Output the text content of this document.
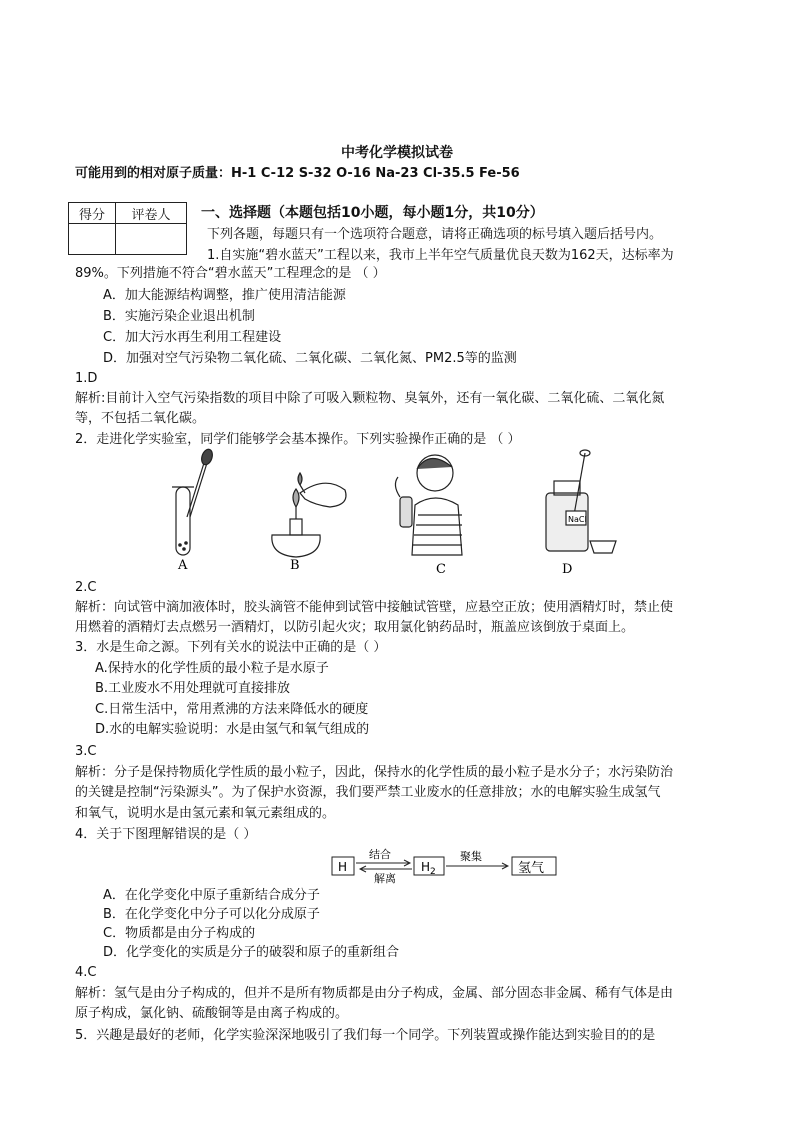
中考化学模拟试卷
可能用到的相对原子质量：H-1 C-12 S-32 O-16 Na-23 Cl-35.5 Fe-56
得分	评卷人
	一、选择题（本题包括10小题，每小题1分，共10分）
下列各题，每题只有一个选项符合题意，请将正确选项的标号填入题后括号内。
1.自实施“碧水蓝天”工程以来，我市上半年空气质量优良天数为162天，达标率为
89%。下列措施不符合“碧水蓝天”工程理念的是 （ ）
A．加大能源结构调整，推广使用清洁能源
B．实施污染企业退出机制
C．加大污水再生利用工程建设
D．加强对空气污染物二氧化硫、二氧化碳、二氧化氮、PM2.5等的监测
1.D
解析:目前计入空气污染指数的项目中除了可吸入颗粒物、臭氧外，还有一氧化碳、二氧化硫、二氧化氮
等，不包括二氧化碳。
2．走进化学实验室，同学们能够学会基本操作。下列实验操作正确的是 （ ）
A	B	C	D
NaCl
2.C
解析：向试管中滴加液体时，胶头滴管不能伸到试管中接触试管壁，应悬空正放；使用酒精灯时，禁止使
用燃着的酒精灯去点燃另一酒精灯，以防引起火灾；取用氯化钠药品时，瓶盖应该倒放于桌面上。
3．水是生命之源。下列有关水的说法中正确的是（ ）
A.保持水的化学性质的最小粒子是水原子
B.工业废水不用处理就可直接排放
C.日常生活中，常用煮沸的方法来降低水的硬度
D.水的电解实验说明：水是由氢气和氧气组成的
3.C
解析：分子是保持物质化学性质的最小粒子，因此，保持水的化学性质的最小粒子是水分子；水污染防治
的关键是控制“污染源头”。为了保护水资源，我们要严禁工业废水的任意排放；水的电解实验生成氢气
和氧气，说明水是由氢元素和氧元素组成的。
4．关于下图理解错误的是（ ）
H
结合
解离
$H_2$
聚集
氢气
A．在化学变化中原子重新结合成分子
B．在化学变化中分子可以化分成原子
C．物质都是由分子构成的
D．化学变化的实质是分子的破裂和原子的重新组合
4.C
解析：氢气是由分子构成的，但并不是所有物质都是由分子构成，金属、部分固态非金属、稀有气体是由
原子构成，氯化钠、硫酸铜等是由离子构成的。
5．兴趣是最好的老师，化学实验深深地吸引了我们每一个同学。下列装置或操作能达到实验目的的是
